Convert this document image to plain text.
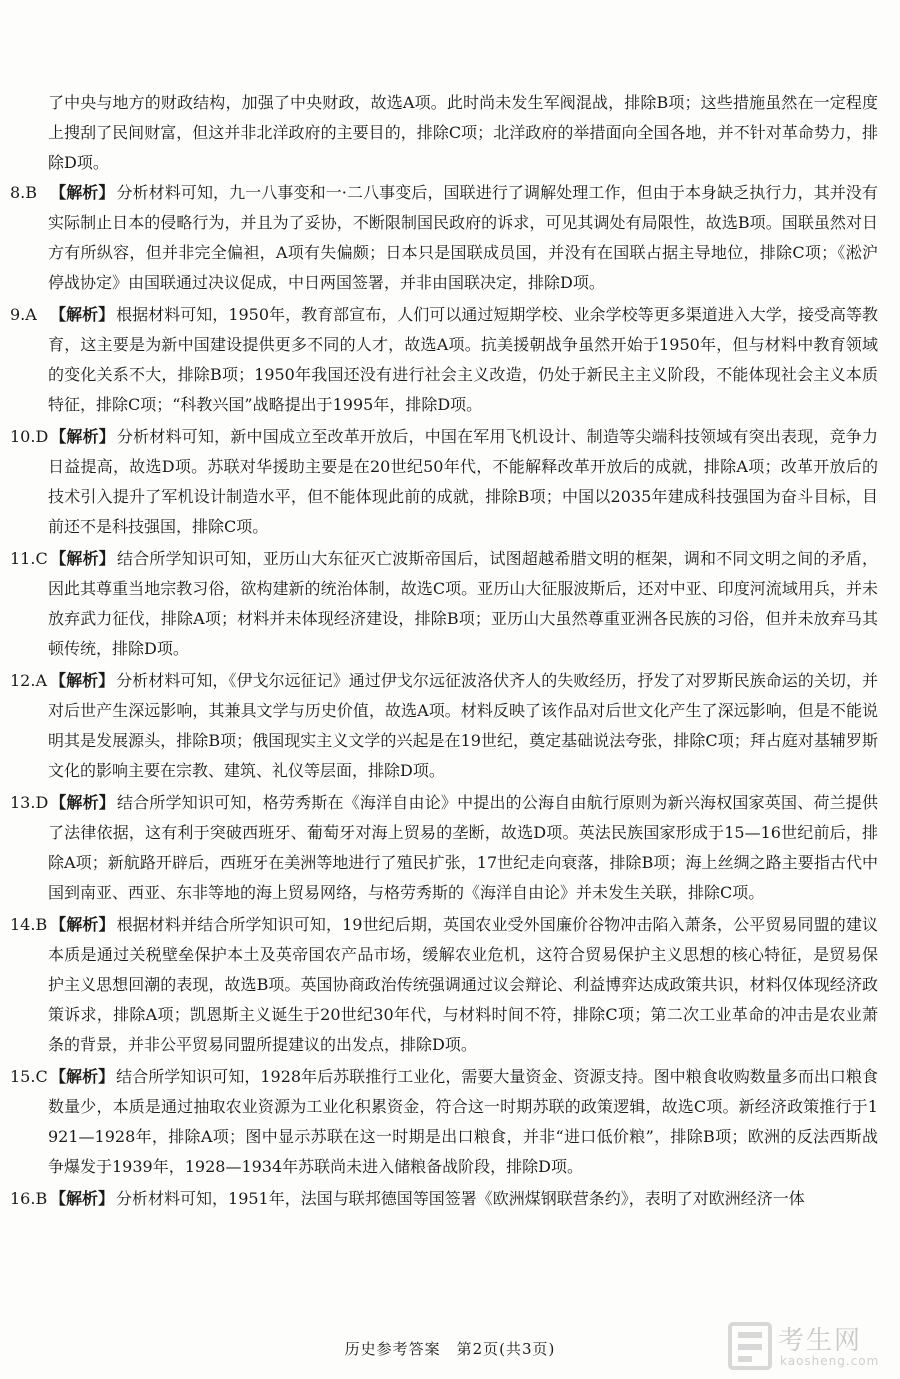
了中央与地方的财政结构，加强了中央财政，故选A项。此时尚未发生军阀混战，排除B项；这些措施虽然在一定程度上搜刮了民间财富，但这并非北洋政府的主要目的，排除C项；北洋政府的举措面向全国各地，并不针对革命势力，排除D项。

8.B 【解析】 分析材料可知，九一八事变和一·二八事变后，国联进行了调解处理工作，但由于本身缺乏执行力，其并没有实际制止日本的侵略行为，并且为了妥协，不断限制国民政府的诉求，可见其调处有局限性，故选B项。国联虽然对日方有所纵容，但并非完全偏袒，A项有失偏颇；日本只是国联成员国，并没有在国联占据主导地位，排除C项；《淞沪停战协定》由国联通过决议促成，中日两国签署，并非由国联决定，排除D项。

9.A 【解析】 根据材料可知，1950年，教育部宣布，人们可以通过短期学校、业余学校等更多渠道进入大学，接受高等教育，这主要是为新中国建设提供更多不同的人才，故选A项。抗美援朝战争虽然开始于1950年，但与材料中教育领域的变化关系不大，排除B项；1950年我国还没有进行社会主义改造，仍处于新民主主义阶段，不能体现社会主义本质特征，排除C项；“科教兴国”战略提出于1995年，排除D项。

10.D 【解析】 分析材料可知，新中国成立至改革开放后，中国在军用飞机设计、制造等尖端科技领域有突出表现，竞争力日益提高，故选D项。苏联对华援助主要是在20世纪50年代，不能解释改革开放后的成就，排除A项；改革开放后的技术引入提升了军机设计制造水平，但不能体现此前的成就，排除B项；中国以2035年建成科技强国为奋斗目标，目前还不是科技强国，排除C项。

11.C 【解析】 结合所学知识可知，亚历山大东征灭亡波斯帝国后，试图超越希腊文明的框架，调和不同文明之间的矛盾，因此其尊重当地宗教习俗，欲构建新的统治体制，故选C项。亚历山大征服波斯后，还对中亚、印度河流域用兵，并未放弃武力征伐，排除A项；材料并未体现经济建设，排除B项；亚历山大虽然尊重亚洲各民族的习俗，但并未放弃马其顿传统，排除D项。

12.A 【解析】 分析材料可知，《伊戈尔远征记》通过伊戈尔远征波洛伏齐人的失败经历，抒发了对罗斯民族命运的关切，并对后世产生深远影响，其兼具文学与历史价值，故选A项。材料反映了该作品对后世文化产生了深远影响，但是不能说明其是发展源头，排除B项；俄国现实主义文学的兴起是在19世纪，奠定基础说法夸张，排除C项；拜占庭对基辅罗斯文化的影响主要在宗教、建筑、礼仪等层面，排除D项。

13.D 【解析】 结合所学知识可知，格劳秀斯在《海洋自由论》中提出的公海自由航行原则为新兴海权国家英国、荷兰提供了法律依据，这有利于突破西班牙、葡萄牙对海上贸易的垄断，故选D项。英法民族国家形成于15—16世纪前后，排除A项；新航路开辟后，西班牙在美洲等地进行了殖民扩张，17世纪走向衰落，排除B项；海上丝绸之路主要指古代中国到南亚、西亚、东非等地的海上贸易网络，与格劳秀斯的《海洋自由论》并未发生关联，排除C项。

14.B 【解析】 根据材料并结合所学知识可知，19世纪后期，英国农业受外国廉价谷物冲击陷入萧条，公平贸易同盟的建议本质是通过关税壁垒保护本土及英帝国农产品市场，缓解农业危机，这符合贸易保护主义思想的核心特征，是贸易保护主义思想回潮的表现，故选B项。英国协商政治传统强调通过议会辩论、利益博弈达成政策共识，材料仅体现经济政策诉求，排除A项；凯恩斯主义诞生于20世纪30年代，与材料时间不符，排除C项；第二次工业革命的冲击是农业萧条的背景，并非公平贸易同盟所提建议的出发点，排除D项。

15.C 【解析】 结合所学知识可知，1928年后苏联推行工业化，需要大量资金、资源支持。图中粮食收购数量多而出口粮食数量少，本质是通过抽取农业资源为工业化积累资金，符合这一时期苏联的政策逻辑，故选C项。新经济政策推行于1921—1928年，排除A项；图中显示苏联在这一时期是出口粮食，并非“进口低价粮”，排除B项；欧洲的反法西斯战争爆发于1939年，1928—1934年苏联尚未进入储粮备战阶段，排除D项。

16.B 【解析】 分析材料可知，1951年，法国与联邦德国等国签署《欧洲煤钢联营条约》，表明了对欧洲经济一体

历史参考答案　第2页(共3页)	考生网
kaosheng.com
